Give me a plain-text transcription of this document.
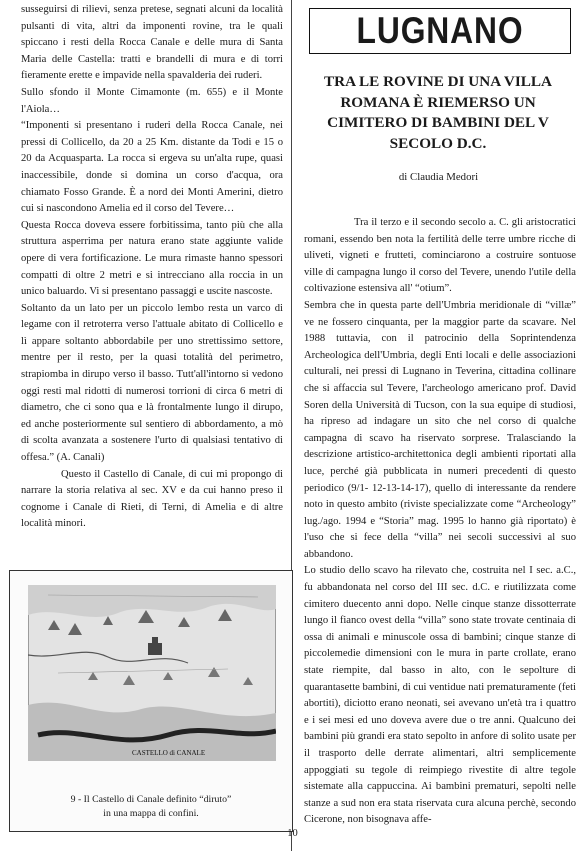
susseguirsi di rilievi, senza pretese, segnati alcuni da località pulsanti di vita, altri da imponenti rovine, tra le quali spiccano i resti della Rocca Canale e delle mura di Santa Maria delle Castella: tratti e brandelli di mura e di torri fieramente erette e impavide nella spavalderia dei ruderi.

Sullo sfondo il Monte Cimamonte (m. 655) e il Monte l'Aiola…

“Imponenti si presentano i ruderi della Rocca Canale, nei pressi di Collicello, da 20 a 25 Km. distante da Todi e 15 o 20 da Acquasparta. La rocca si ergeva su un'alta rupe, quasi inaccessibile, donde si domina un corso d'acqua, ora chiamato Fosso Grande. È a nord dei Monti Amerini, dietro cui si nascondono Amelia ed il corso del Tevere…

Questa Rocca doveva essere forbitissima, tanto più che alla struttura asperrima per natura erano state aggiunte valide opere di vera fortificazione. Le mura rimaste hanno spessori compatti di oltre 2 metri e si intrecciano alla roccia in un unico baluardo. Vi si presentano passaggi e uscite nascoste.

Soltanto da un lato per un piccolo lembo resta un varco di legame con il retroterra verso l'attuale abitato di Collicello e lì appare soltanto abbordabile per uno strettissimo settore, mentre per il resto, per la quasi totalità del perimetro, strapiomba in dirupo verso il basso. Tutt'all'intorno si vedono oggi resti mal ridotti di numerosi torrioni di circa 6 metri di diametro, che ci sono qua e là frontalmente lungo il dirupo, ed anche posteriormente sul sentiero di abbordamento, a mò di scolta avanzata a sostenere l'urto di qualsiasi tentativo di offesa.” (A. Canali)

Questo il Castello di Canale, di cui mi propongo di narrare la storia relativa al sec. XV e da cui hanno preso il cognome i Canale di Rieti, di Terni, di Amelia e di altre località minori.

CASTELLO di CANALE
9 - Il Castello di Canale definito “diruto”
in una mappa di confini.
LUGNANO
TRA LE ROVINE DI UNA VILLA ROMANA È RIEMERSO UN CIMITERO DI BAMBINI DEL V SECOLO D.C.
di Claudia Medori

Tra il terzo e il secondo secolo a. C. gli aristocratici romani, essendo ben nota la fertilità delle terre umbre ricche di uliveti, vigneti e frutteti, cominciarono a costruire sontuose ville di campagna lungo il corso del Tevere, unendo l'utile della coltivazione estensiva all' “otium”.

Sembra che in questa parte dell'Umbria meridionale di “villæ” ve ne fossero cinquanta, per la maggior parte da scavare. Nel 1988 tuttavia, con il patrocinio della Soprintendenza Archeologica dell'Umbria, degli Enti locali e delle associazioni culturali, nei pressi di Lugnano in Teverina, cittadina collinare che si affaccia sul Tevere, l'archeologo americano prof. David Soren della Università di Tucson, con la sua equipe di studiosi, ha ripreso ad indagare un sito che nel corso di qualche campagna di scavo ha riservato sorprese. Tralasciando la descrizione artistico-architettonica degli ambienti riportati alla luce, perché già pubblicata in numeri precedenti di questo periodico (9/1- 12-13-14-17), quello di interessante da rendere noto in questo ambito (riviste specializzate come “Archeology” lug./ago. 1994 e “Storia” mag. 1995 lo hanno già riportato) è l'uso che si fece della “villa” nei secoli successivi al suo abbandono.

Lo studio dello scavo ha rilevato che, costruita nel I sec. a.C., fu abbandonata nel corso del III sec. d.C. e riutilizzata come cimitero duecento anni dopo. Nelle cinque stanze dissotterrate lungo il fianco ovest della “villa” sono state trovate centinaia di ossa di animali e minuscole ossa di bambini; cinque stanze di piccolemedie dimensioni con le mura in parte crollate, erano state riempite, dal basso in alto, con le sepolture di quarantasette bambini, di cui ventidue nati prematuramente (feti abortiti), diciotto erano neonati, sei avevano un'età tra i quattro e i sei mesi ed uno doveva avere due o tre anni. Qualcuno dei bambini più grandi era stato sepolto in anfore di solito usate per il trasporto delle derrate alimentari, altri semplicemente appoggiati su tegole di reimpiego rivestite di altre tegole sistemate alla cappuccina. Ai bambini prematuri, sepolti nelle stanze a sud non era stata riservata cura alcuna perchè, secondo Cicerone, non bisognava affe-

10
